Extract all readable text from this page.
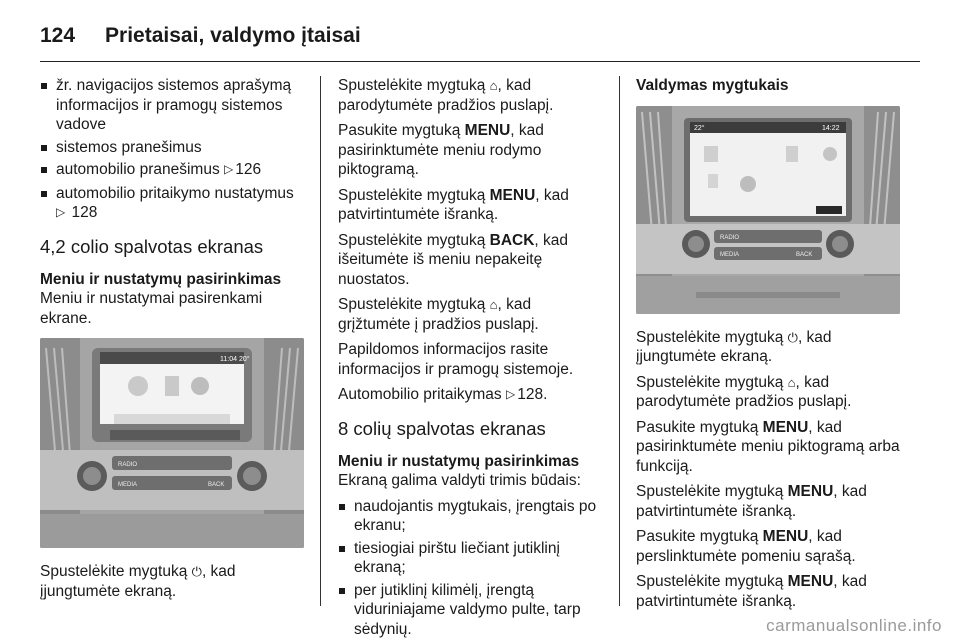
124 Prietaisai, valdymo įtaisai
žr. navigacijos sistemos aprašymą informacijos ir pramogų sistemos vadove
sistemos pranešimus
automobilio pranešimus ▷ 126
automobilio pritaikymo nustatymus
▷ 128
4,2 colio spalvotas ekranas
Meniu ir nustatymų pasirinkimas
Meniu ir nustatymai pasirenkami ekrane.
11:04 20°
RADIO
MEDIA	BACK
Spustelėkite mygtuką ⏻, kad įjungtumėte ekraną.
Spustelėkite mygtuką ⌂, kad parodytumėte pradžios puslapį.
Pasukite mygtuką MENU, kad pasirinktumėte meniu rodymo piktogramą.
Spustelėkite mygtuką MENU, kad patvirtintumėte išranką.
Spustelėkite mygtuką BACK, kad išeitumėte iš meniu nepakeitę nuostatos.
Spustelėkite mygtuką ⌂, kad grįžtumėte į pradžios puslapį.
Papildomos informacijos rasite informacijos ir pramogų sistemoje.
Automobilio pritaikymas ▷ 128.
8 colių spalvotas ekranas
Meniu ir nustatymų pasirinkimas
Ekraną galima valdyti trimis būdais:
naudojantis mygtukais, įrengtais po ekranu;
tiesiogiai pirštu liečiant jutiklinį ekraną;
per jutiklinį kilimėlį, įrengtą viduriniajame valdymo pulte, tarp sėdynių.
Valdymas mygtukais
22°	14:22
RADIO
MEDIA	BACK
Spustelėkite mygtuką ⏻, kad įjungtumėte ekraną.
Spustelėkite mygtuką ⌂, kad parodytumėte pradžios puslapį.
Pasukite mygtuką MENU, kad pasirinktumėte meniu piktogramą arba funkciją.
Spustelėkite mygtuką MENU, kad patvirtintumėte išranką.
Pasukite mygtuką MENU, kad perslinktumėte pomeniu sąrašą.
Spustelėkite mygtuką MENU, kad patvirtintumėte išranką.
carmanualsonline.info
